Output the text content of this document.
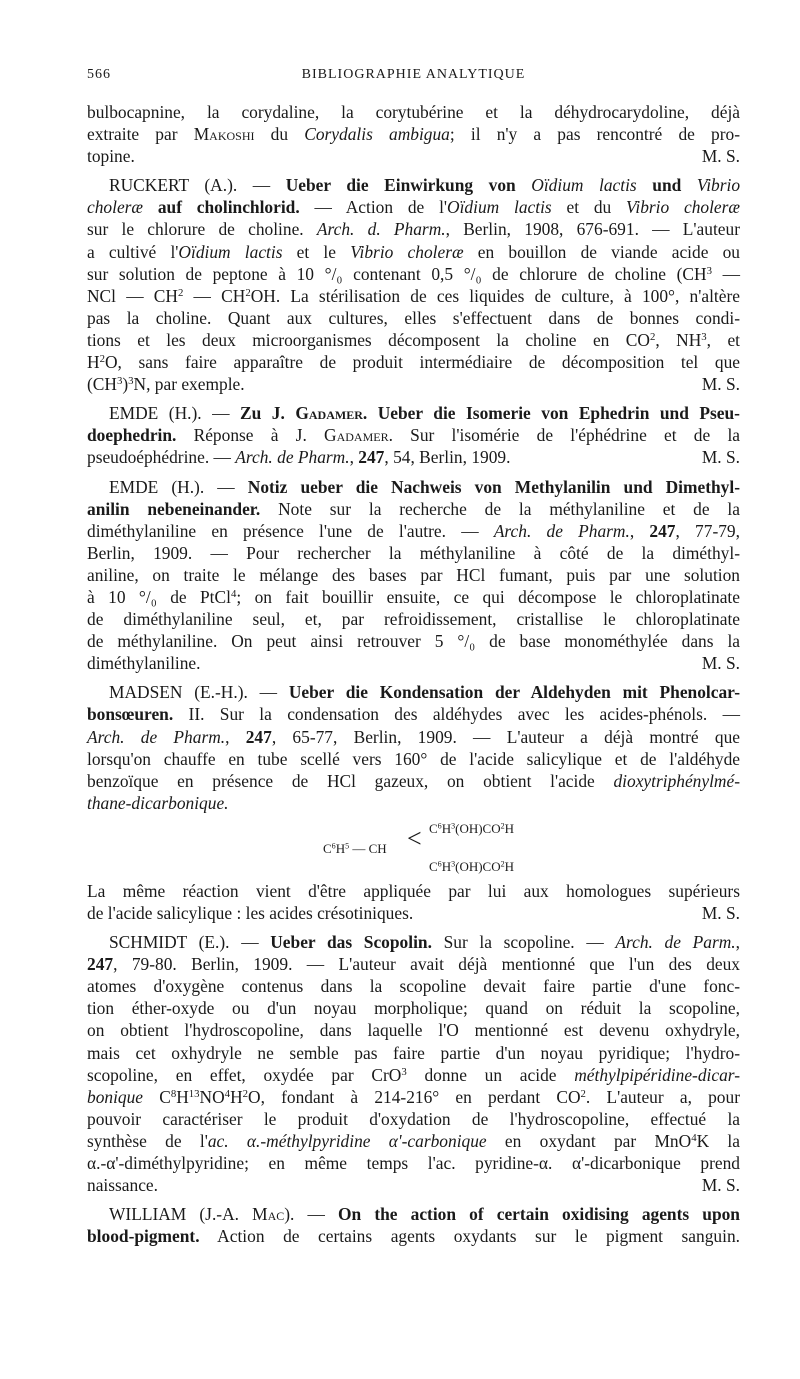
566	BIBLIOGRAPHIE ANALYTIQUE
bulbocapnine, la corydaline, la corytubérine et la déhydrocarydoline, déjà
extraite par Makoshi du Corydalis ambigua; il n'y a pas rencontré de pro-
topine.	M. S.
RUCKERT (A.). — Ueber die Einwirkung von Oïdium lactis und Vibrio
choleræ auf cholinchlorid. — Action de l'Oïdium lactis et du Vibrio choleræ
sur le chlorure de choline. Arch. d. Pharm., Berlin, 1908, 676-691. — L'auteur
a cultivé l'Oïdium lactis et le Vibrio choleræ en bouillon de viande acide ou
sur solution de peptone à 10 °/₀ contenant 0,5 °/₀ de chlorure de choline ($CH^3$ —
NCl — $CH^2$ — $CH^2OH$. La stérilisation de ces liquides de culture, à 100°, n'altère
pas la choline. Quant aux cultures, elles s'effectuent dans de bonnes condi-
tions et les deux microorganismes décomposent la choline en $CO^2$, $NH^3$, et
$H^2O$, sans faire apparaître de produit intermédiaire de décomposition tel que
$(CH^3)^3N$, par exemple.	M. S.
EMDE (H.). — Zu J. Gadamer. Ueber die Isomerie von Ephedrin und Pseu-
doephedrin. Réponse à J. Gadamer. Sur l'isomérie de l'éphédrine et de la
pseudoéphédrine. — Arch. de Pharm., 247, 54, Berlin, 1909.	M. S.
EMDE (H.). — Notiz ueber die Nachweis von Methylanilin und Dimethyl-
anilin nebeneinander. Note sur la recherche de la méthylaniline et de la
diméthylaniline en présence l'une de l'autre. — Arch. de Pharm., 247, 77-79,
Berlin, 1909. — Pour rechercher la méthylaniline à côté de la diméthyl-
aniline, on traite le mélange des bases par HCl fumant, puis par une solution
à 10 °/₀ de PtCl$^4$; on fait bouillir ensuite, ce qui décompose le chloroplatinate
de diméthylaniline seul, et, par refroidissement, cristallise le chloroplatinate
de méthylaniline. On peut ainsi retrouver 5 °/₀ de base monométhylée dans la
diméthylaniline.	M. S.
MADSEN (E.-H.). — Ueber die Kondensation der Aldehyden mit Phenolcar-
bonsœuren. II. Sur la condensation des aldéhydes avec les acides-phénols. —
Arch. de Pharm., 247, 65-77, Berlin, 1909. — L'auteur a déjà montré que
lorsqu'on chauffe en tube scellé vers 160° de l'acide salicylique et de l'aldéhyde
benzoïque en présence de HCl gazeux, on obtient l'acide dioxytriphénylmé-
thane-dicarbonique.
$C^6H^5$ — CH < $C^6H^3(OH)CO^2H$
$C^6H^3(OH)CO^2H$
La même réaction vient d'être appliquée par lui aux homologues supérieurs
de l'acide salicylique : les acides crésotiniques.	M. S.
SCHMIDT (E.). — Ueber das Scopolin. Sur la scopoline. — Arch. de Parm.,
247, 79-80. Berlin, 1909. — L'auteur avait déjà mentionné que l'un des deux
atomes d'oxygène contenus dans la scopoline devait faire partie d'une fonc-
tion éther-oxyde ou d'un noyau morpholique; quand on réduit la scopoline,
on obtient l'hydroscopoline, dans laquelle l'O mentionné est devenu oxhydryle,
mais cet oxhydryle ne semble pas faire partie d'un noyau pyridique; l'hydro-
scopoline, en effet, oxydée par CrO$^3$ donne un acide méthylpipéridine-dicar-
bonique $C^8H^{13}NO^4H^2O$, fondant à 214-216° en perdant $CO^2$. L'auteur a, pour
pouvoir caractériser le produit d'oxydation de l'hydroscopoline, effectué la
synthèse de l'ac. α.-méthylpyridine α'-carbonique en oxydant par MnO$^4$K la
α.-α'-diméthylpyridine; en même temps l'ac. pyridine-α. α'-dicarbonique prend
naissance.	M. S.
WILLIAM (J.-A. Mac). — On the action of certain oxidising agents upon
blood-pigment. Action de certains agents oxydants sur le pigment sanguin.
